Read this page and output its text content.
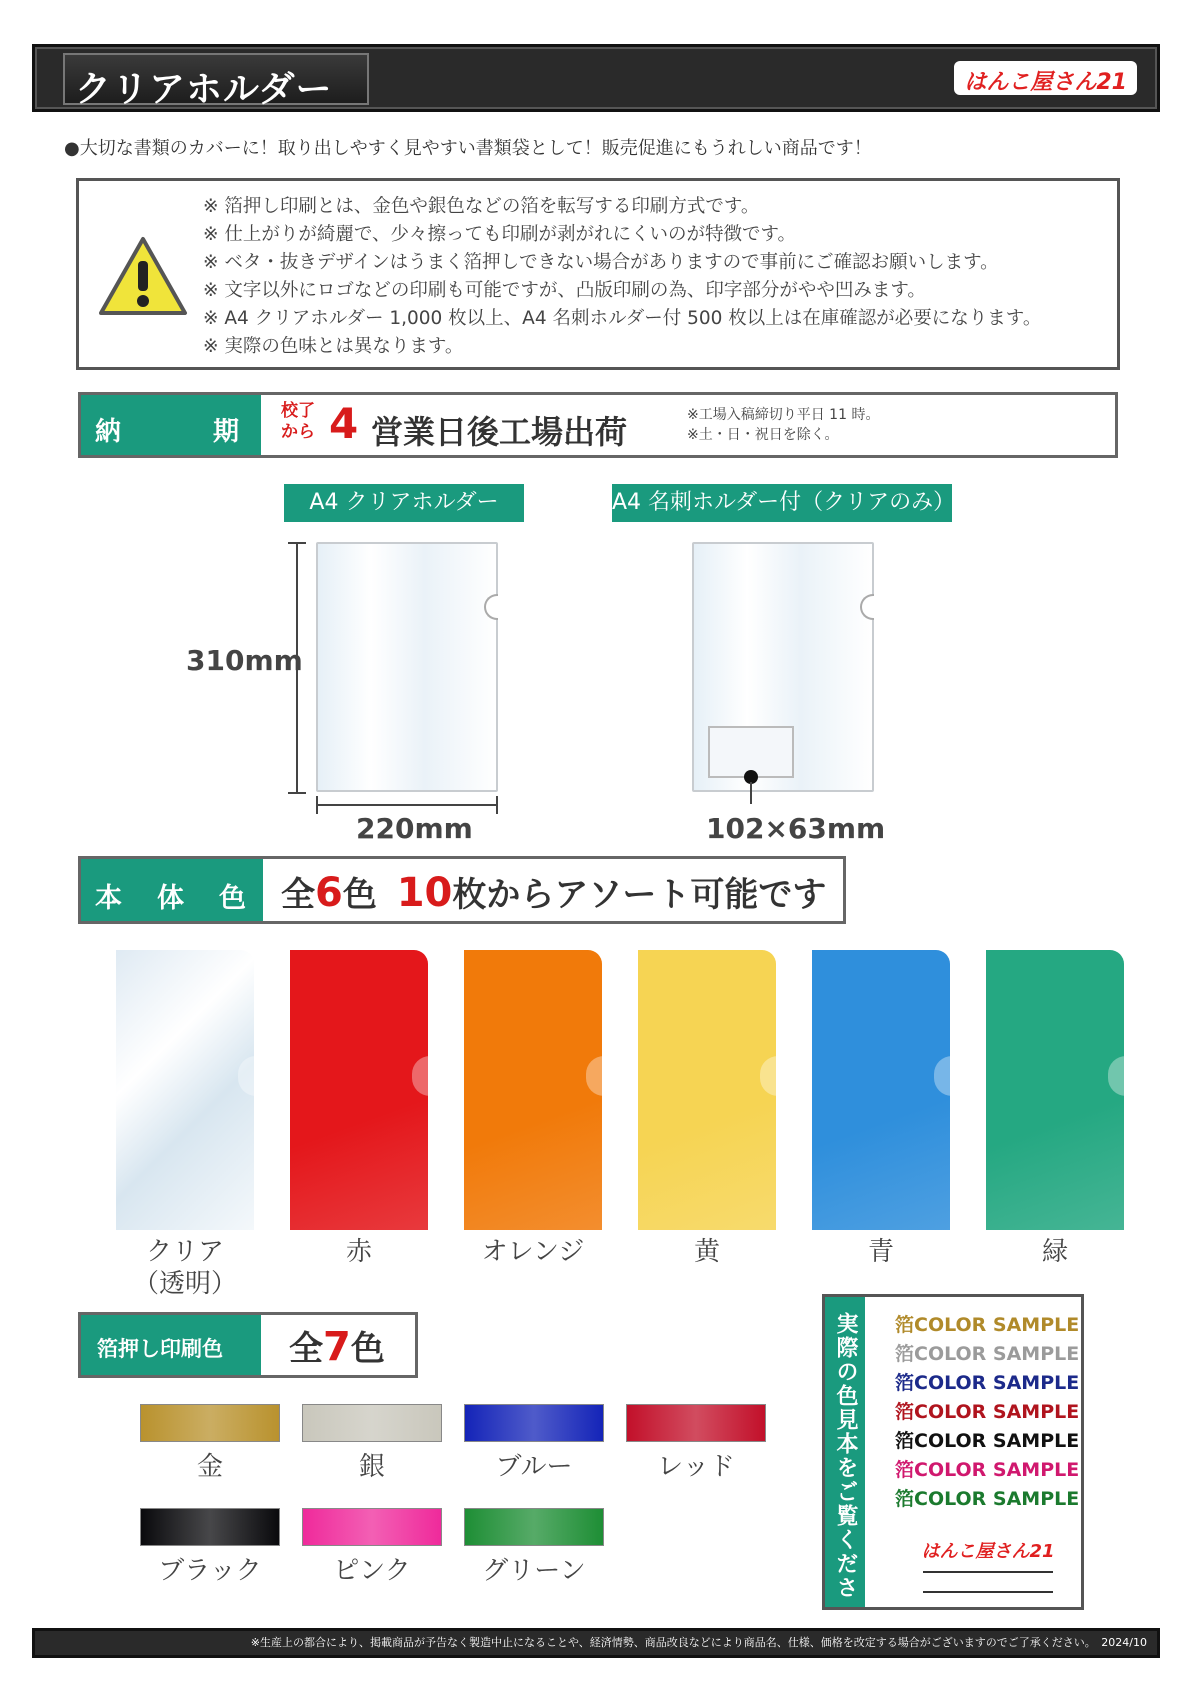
クリアホルダー	はんこ屋さん21
●大切な書類のカバーに！取り出しやすく見やすい書類袋として！販売促進にもうれしい商品です！
※ 箔押し印刷とは、金色や銀色などの箔を転写する印刷方式です。
※ 仕上がりが綺麗で、少々擦っても印刷が剥がれにくいのが特徴です。
※ ベタ・抜きデザインはうまく箔押しできない場合がありますので事前にご確認お願いします。
※ 文字以外にロゴなどの印刷も可能ですが、凸版印刷の為、印字部分がやや凹みます。
※ A4 クリアホルダー 1,000 枚以上、A4 名刺ホルダー付 500 枚以上は在庫確認が必要になります。
※ 実際の色味とは異なります。
納	期
校了から 4 営業日後工場出荷	※工場入稿締切り平日 11 時。
※土・日・祝日を除く。
A4 クリアホルダー
310mm
220mm
A4 名刺ホルダー付（クリアのみ）
102×63mm
本 体 色 全6色 10枚からアソート可能です
クリア
（透明）
赤	オレンジ	黄	青	緑
箔押し印刷色 全7色
金	銀	ブルー	レッド
ブラック	ピンク	グリーン	実際の色見本をご覧ください
箔COLOR SAMPLE
箔COLOR SAMPLE
箔COLOR SAMPLE
箔COLOR SAMPLE
箔COLOR SAMPLE
箔COLOR SAMPLE
箔COLOR SAMPLE
はんこ屋さん21
※生産上の都合により、掲載商品が予告なく製造中止になることや、経済情勢、商品改良などにより商品名、仕様、価格を改定する場合がございますのでご了承ください。　2024/10
